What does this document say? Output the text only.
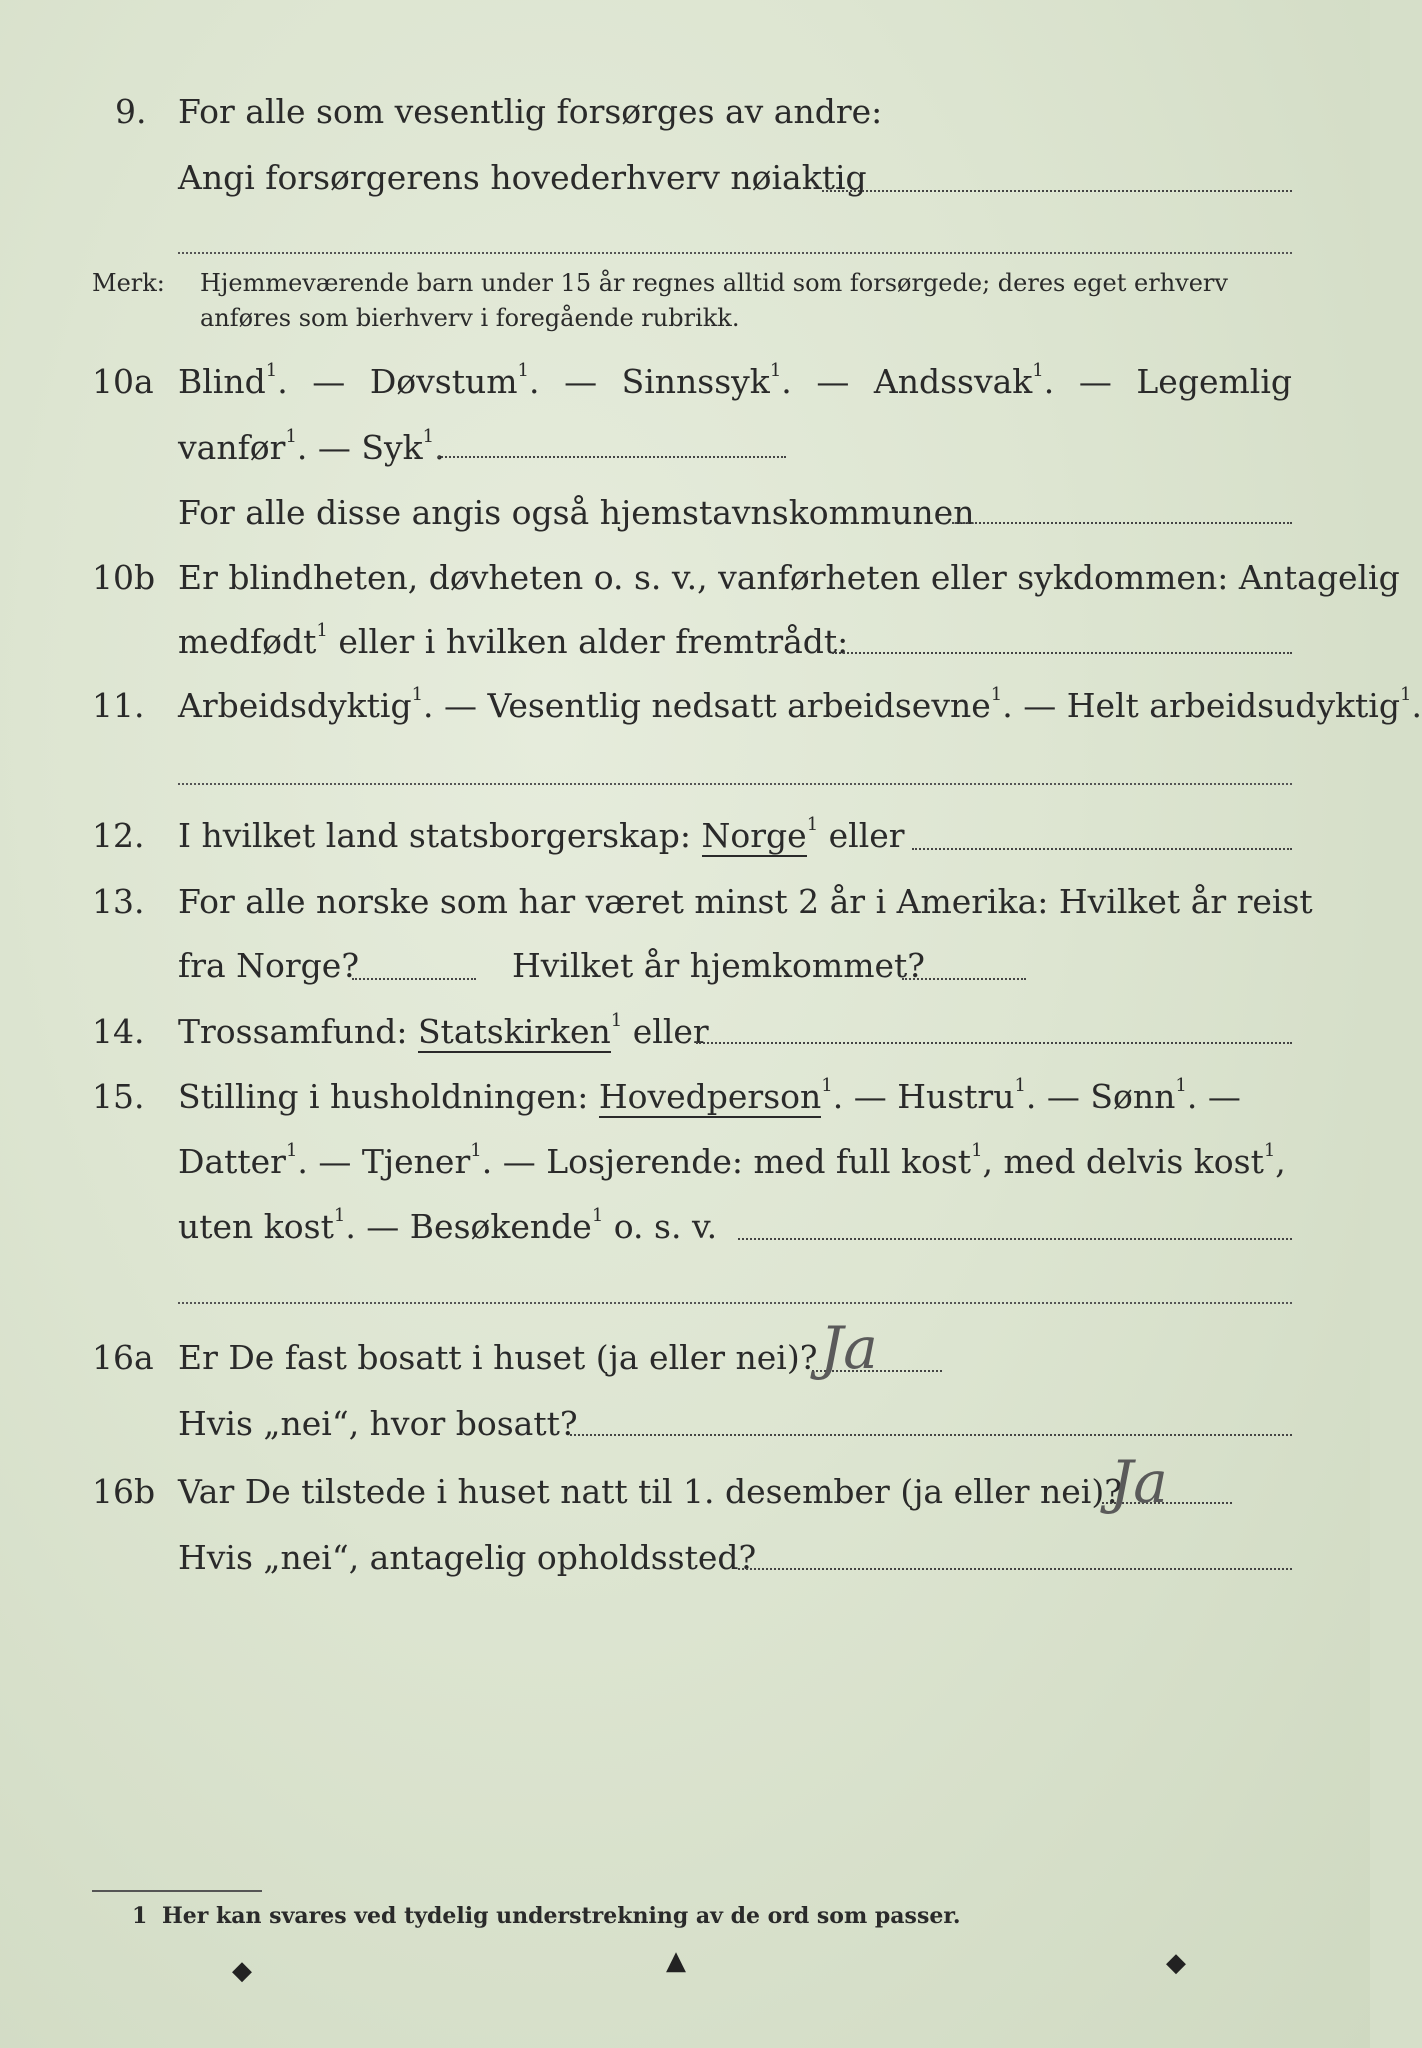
9. For alle som vesentlig forsørges av andre:
Angi forsørgerens hovederhverv nøiaktig
Merk: Hjemmeværende barn under 15 år regnes alltid som forsørgede; deres eget erhverv
anføres som bierhverv i foregående rubrikk.
10a Blind$^1$. — Døvstum$^1$. — Sinnssyk$^1$. — Andssvak$^1$. — Legemlig
vanfør$^1$. — Syk$^1$.
For alle disse angis også hjemstavnskommunen
10b Er blindheten, døvheten o. s. v., vanførheten eller sykdommen: Antagelig
medfødt$^1$ eller i hvilken alder fremtrådt:
11. Arbeidsdyktig$^1$. — Vesentlig nedsatt arbeidsevne$^1$. — Helt arbeidsudyktig$^1$.
12. I hvilket land statsborgerskap: Norge$^1$ eller
13. For alle norske som har været minst 2 år i Amerika: Hvilket år reist
fra Norge?	Hvilket år hjemkommet?
14. Trossamfund: Statskirken$^1$ eller
15. Stilling i husholdningen: Hovedperson$^1$. — Hustru$^1$. — Sønn$^1$. —
Datter$^1$. — Tjener$^1$. — Losjerende: med full kost$^1$, med delvis kost$^1$,
uten kost$^1$. — Besøkende$^1$ o. s. v.
16a Er De fast bosatt i huset (ja eller nei)? Ja
Hvis „nei“, hvor bosatt?
16b Var De tilstede i huset natt til 1. desember (ja eller nei)?
Ja
Hvis „nei“, antagelig opholdssted?
1 Her kan svares ved tydelig understrekning av de ord som passer.
◆	▲	◆
